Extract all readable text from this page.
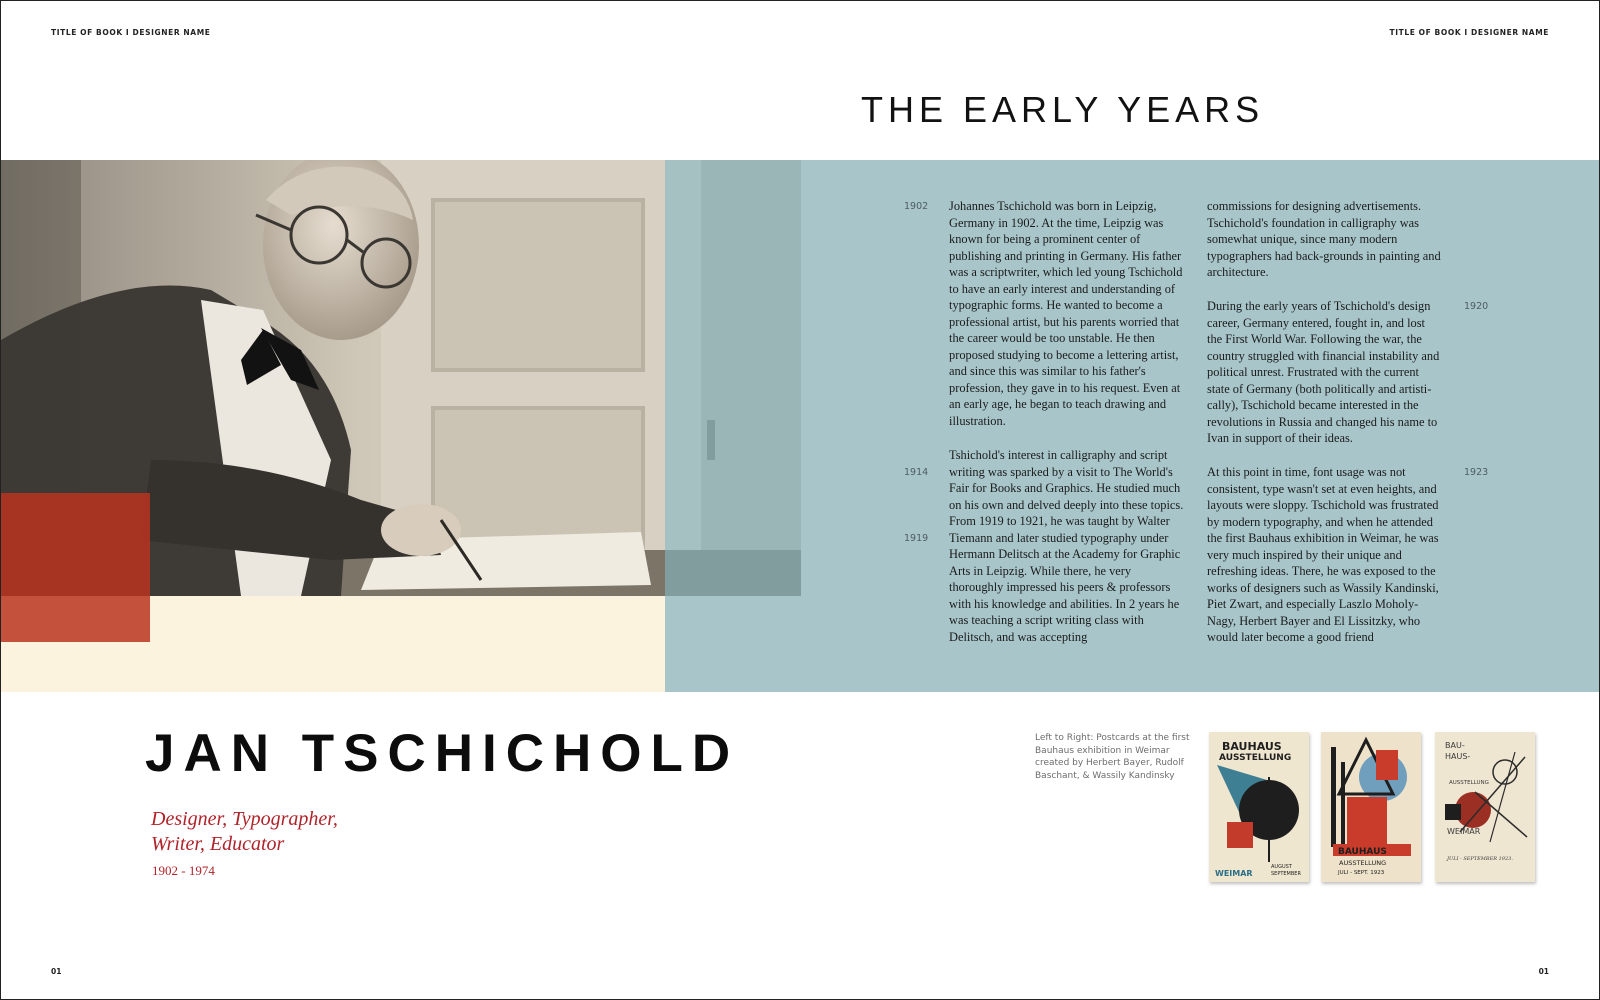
TITLE OF BOOK I DESIGNER NAME	TITLE OF BOOK I DESIGNER NAME
THE EARLY YEARS
1902
1914
1919
1920
1923

Johannes Tschichold was born in Leipzig, Germany in 1902. At the time, Leipzig was known for being a prominent center of publishing and printing in Germany. His father was a scriptwriter, which led young Tschichold to have an early interest and understanding of typographic forms. He wanted to become a professional artist, but his parents worried that the career would be too unstable. He then proposed studying to become a lettering artist, and since this was similar to his father's profession, they gave in to his request. Even at an early age, he began to teach drawing and illustration.

Tshichold's interest in calligraphy and script writing was sparked by a visit to The World's Fair for Books and Graphics. He studied much on his own and delved deeply into these topics. From 1919 to 1921, he was taught by Walter Tiemann and later studied typography under Hermann Delitsch at the Academy for Graphic Arts in Leipzig. While there, he very thoroughly impressed his peers & professors with his knowledge and abilities. In 2 years he was teaching a script writing class with Delitsch, and was accepting

commissions for designing advertisements. Tschichold's foundation in calligraphy was somewhat unique, since many modern typographers had back-grounds in painting and architecture.

During the early years of Tschichold's design career, Germany entered, fought in, and lost the First World War. Following the war, the country struggled with financial instability and political unrest. Frustrated with the current state of Germany (both politically and artisti-cally), Tschichold became interested in the revolutions in Russia and changed his name to Ivan in support of their ideas.

At this point in time, font usage was not consistent, type wasn't set at even heights, and layouts were sloppy. Tschichold was frustrated by modern typography, and when he attended the first Bauhaus exhibition in Weimar, he was very much inspired by their unique and refreshing ideas. There, he was exposed to the works of designers such as Wassily Kandinski, Piet Zwart, and especially Laszlo Moholy-Nagy, Herbert Bayer and El Lissitzky, who would later become a good friend

JAN TSCHICHOLD
Designer, Typographer,
Writer, Educator
1902 - 1974

Left to Right: Postcards at the first Bauhaus exhibition in Weimar created by Herbert Bayer, Rudolf Baschant, & Wassily Kandinsky

BAUHAUS
AUSSTELLUNG
WEIMAR
AUGUST
SEPTEMBER
BAUHAUS
AUSSTELLUNG
JULI - SEPT. 1923
BAU-
HAUS-
AUSSTELLUNG
WEIMAR
JULI - SEPTEMBER 1923.
01	01
